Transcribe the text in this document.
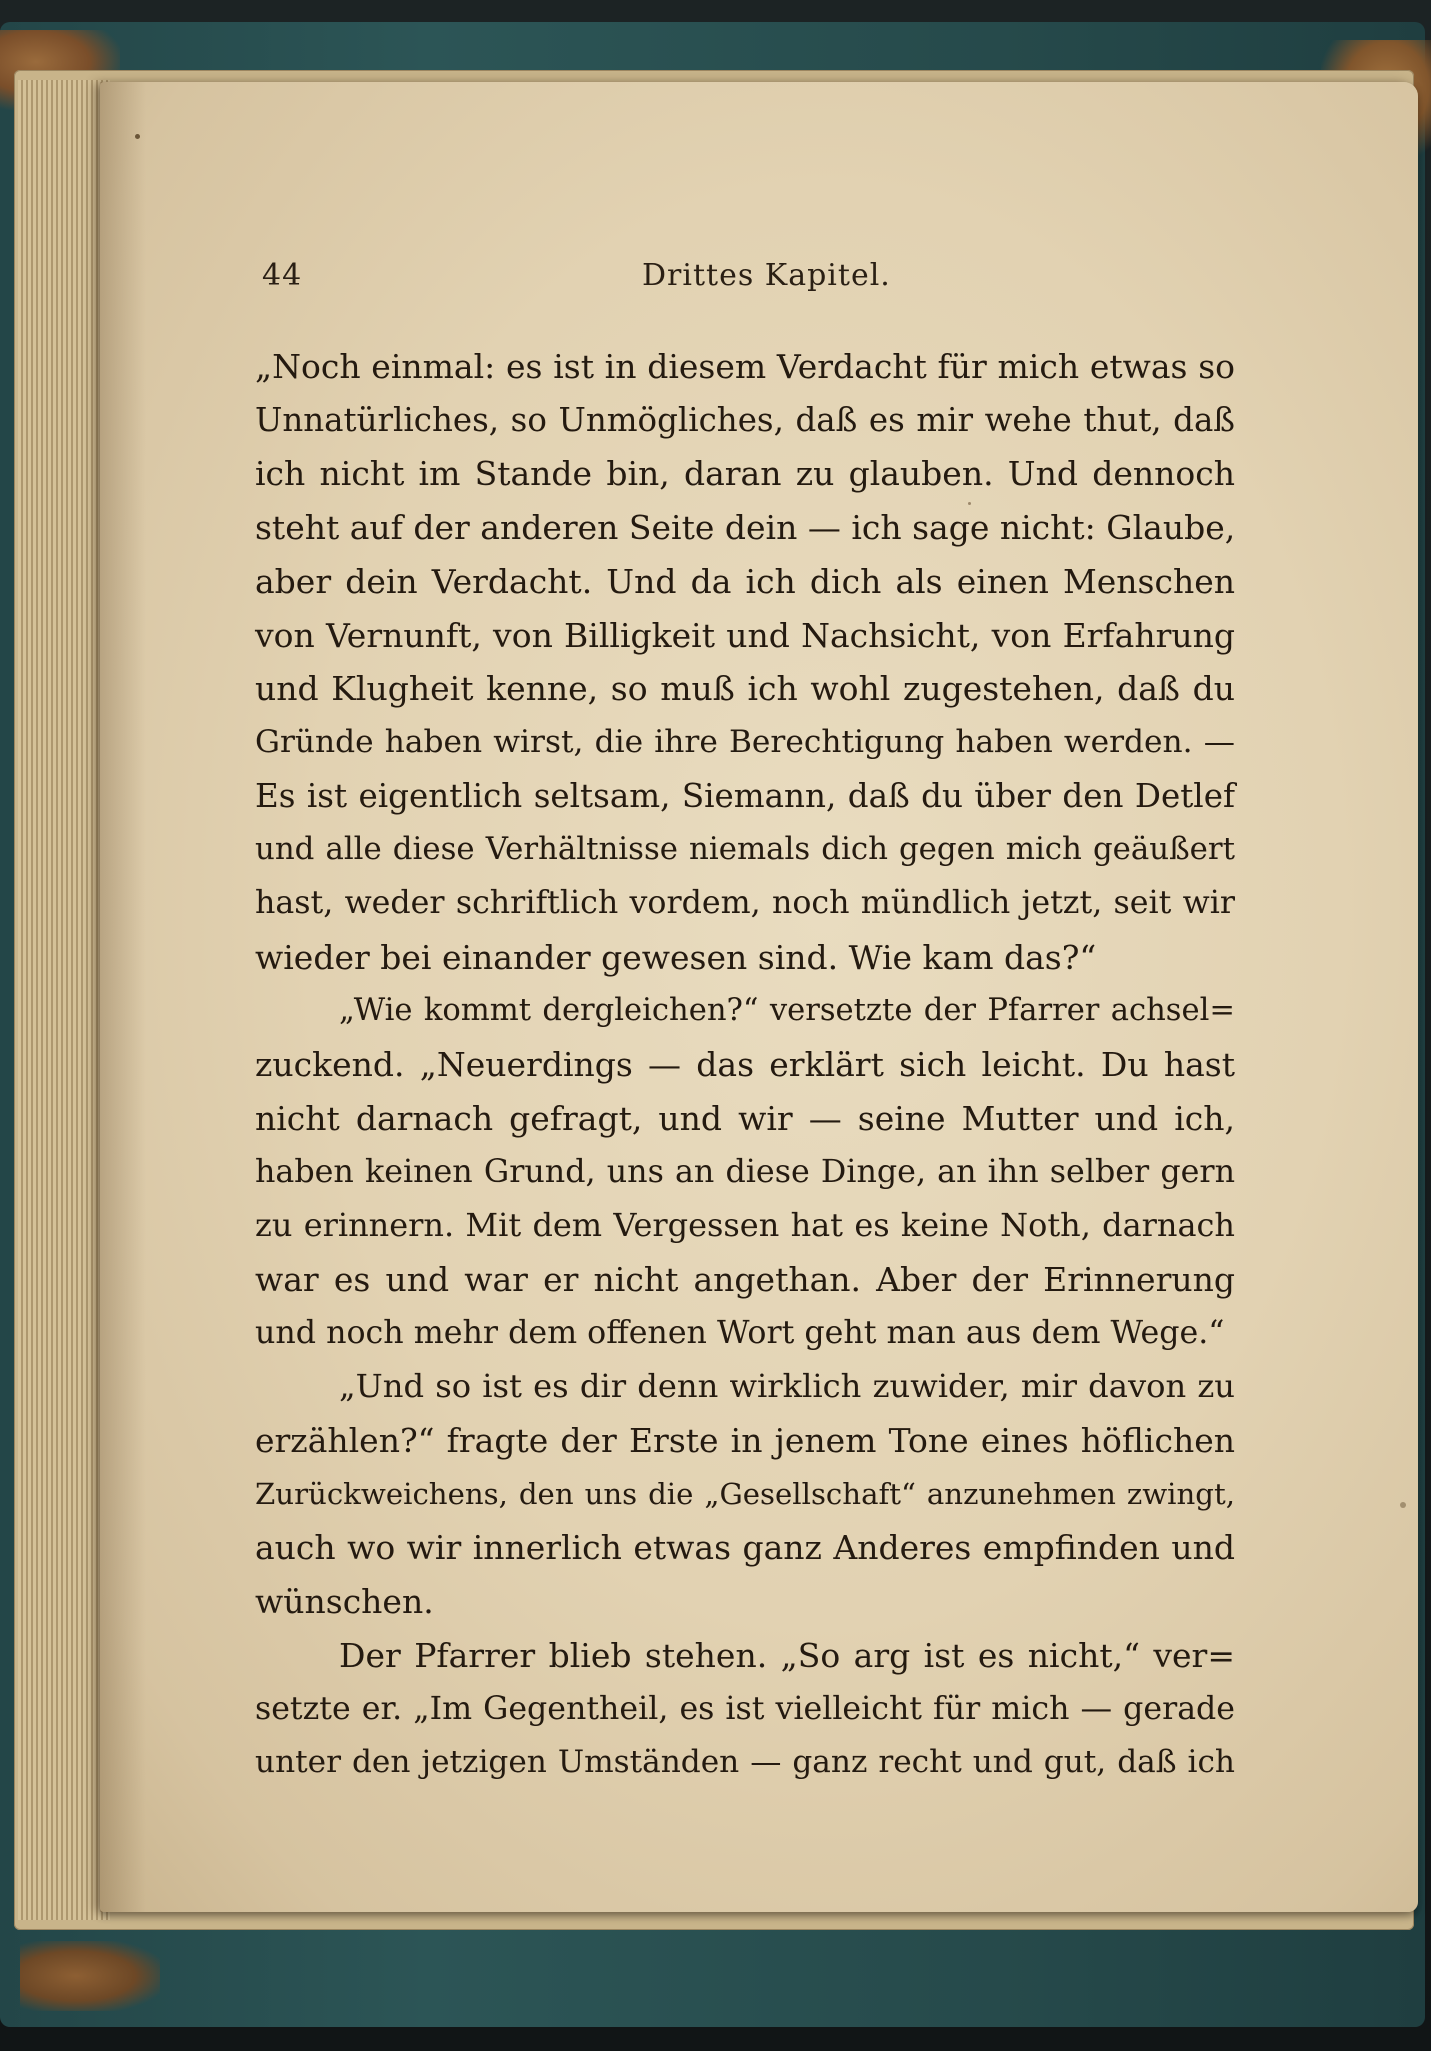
44	Drittes Kapitel.
„Noch einmal: es ist in diesem Verdacht für mich etwas so
Unnatürliches, so Unmögliches, daß es mir wehe thut, daß
ich nicht im Stande bin, daran zu glauben. Und dennoch
steht auf der anderen Seite dein — ich sage nicht: Glaube,
aber dein Verdacht. Und da ich dich als einen Menschen
von Vernunft, von Billigkeit und Nachsicht, von Erfahrung
und Klugheit kenne, so muß ich wohl zugestehen, daß du
Gründe haben wirst, die ihre Berechtigung haben werden. —
Es ist eigentlich seltsam, Siemann, daß du über den Detlef
und alle diese Verhältnisse niemals dich gegen mich geäußert
hast, weder schriftlich vordem, noch mündlich jetzt, seit wir
wieder bei einander gewesen sind. Wie kam das?“
„Wie kommt dergleichen?“ versetzte der Pfarrer achsel=
zuckend. „Neuerdings — das erklärt sich leicht. Du hast
nicht darnach gefragt, und wir — seine Mutter und ich,
haben keinen Grund, uns an diese Dinge, an ihn selber gern
zu erinnern. Mit dem Vergessen hat es keine Noth, darnach
war es und war er nicht angethan. Aber der Erinnerung
und noch mehr dem offenen Wort geht man aus dem Wege.“
„Und so ist es dir denn wirklich zuwider, mir davon zu
erzählen?“ fragte der Erste in jenem Tone eines höflichen
Zurückweichens, den uns die „Gesellschaft“ anzunehmen zwingt,
auch wo wir innerlich etwas ganz Anderes empfinden und
wünschen.
Der Pfarrer blieb stehen. „So arg ist es nicht,“ ver=
setzte er. „Im Gegentheil, es ist vielleicht für mich — gerade
unter den jetzigen Umständen — ganz recht und gut, daß ich
